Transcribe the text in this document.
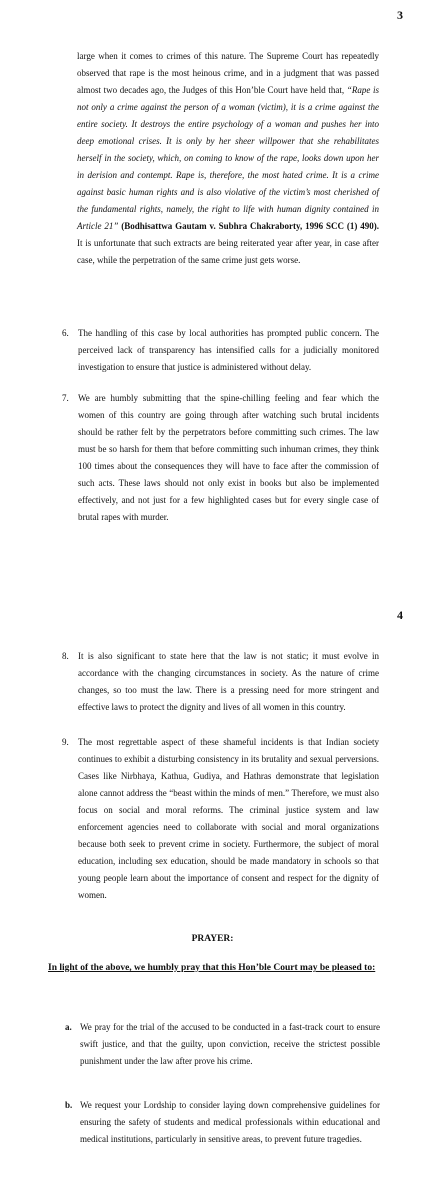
3
large when it comes to crimes of this nature. The Supreme Court has repeatedly observed that rape is the most heinous crime, and in a judgment that was passed almost two decades ago, the Judges of this Hon’ble Court have held that, “Rape is not only a crime against the person of a woman (victim), it is a crime against the entire society. It destroys the entire psychology of a woman and pushes her into deep emotional crises. It is only by her sheer willpower that she rehabilitates herself in the society, which, on coming to know of the rape, looks down upon her in derision and contempt. Rape is, therefore, the most hated crime. It is a crime against basic human rights and is also violative of the victim’s most cherished of the fundamental rights, namely, the right to life with human dignity contained in Article 21” (Bodhisattwa Gautam v. Subhra Chakraborty, 1996 SCC (1) 490). It is unfortunate that such extracts are being reiterated year after year, in case after case, while the perpetration of the same crime just gets worse.
6. The handling of this case by local authorities has prompted public concern. The perceived lack of transparency has intensified calls for a judicially monitored investigation to ensure that justice is administered without delay.
7. We are humbly submitting that the spine-chilling feeling and fear which the women of this country are going through after watching such brutal incidents should be rather felt by the perpetrators before committing such crimes. The law must be so harsh for them that before committing such inhuman crimes, they think 100 times about the consequences they will have to face after the commission of such acts. These laws should not only exist in books but also be implemented effectively, and not just for a few highlighted cases but for every single case of brutal rapes with murder.
4
8. It is also significant to state here that the law is not static; it must evolve in accordance with the changing circumstances in society. As the nature of crime changes, so too must the law. There is a pressing need for more stringent and effective laws to protect the dignity and lives of all women in this country.
9. The most regrettable aspect of these shameful incidents is that Indian society continues to exhibit a disturbing consistency in its brutality and sexual perversions. Cases like Nirbhaya, Kathua, Gudiya, and Hathras demonstrate that legislation alone cannot address the “beast within the minds of men.” Therefore, we must also focus on social and moral reforms. The criminal justice system and law enforcement agencies need to collaborate with social and moral organizations because both seek to prevent crime in society. Furthermore, the subject of moral education, including sex education, should be made mandatory in schools so that young people learn about the importance of consent and respect for the dignity of women.
PRAYER:
In light of the above, we humbly pray that this Hon’ble Court may be pleased to:
a. We pray for the trial of the accused to be conducted in a fast-track court to ensure swift justice, and that the guilty, upon conviction, receive the strictest possible punishment under the law after prove his crime.
b. We request your Lordship to consider laying down comprehensive guidelines for ensuring the safety of students and medical professionals within educational and medical institutions, particularly in sensitive areas, to prevent future tragedies.
